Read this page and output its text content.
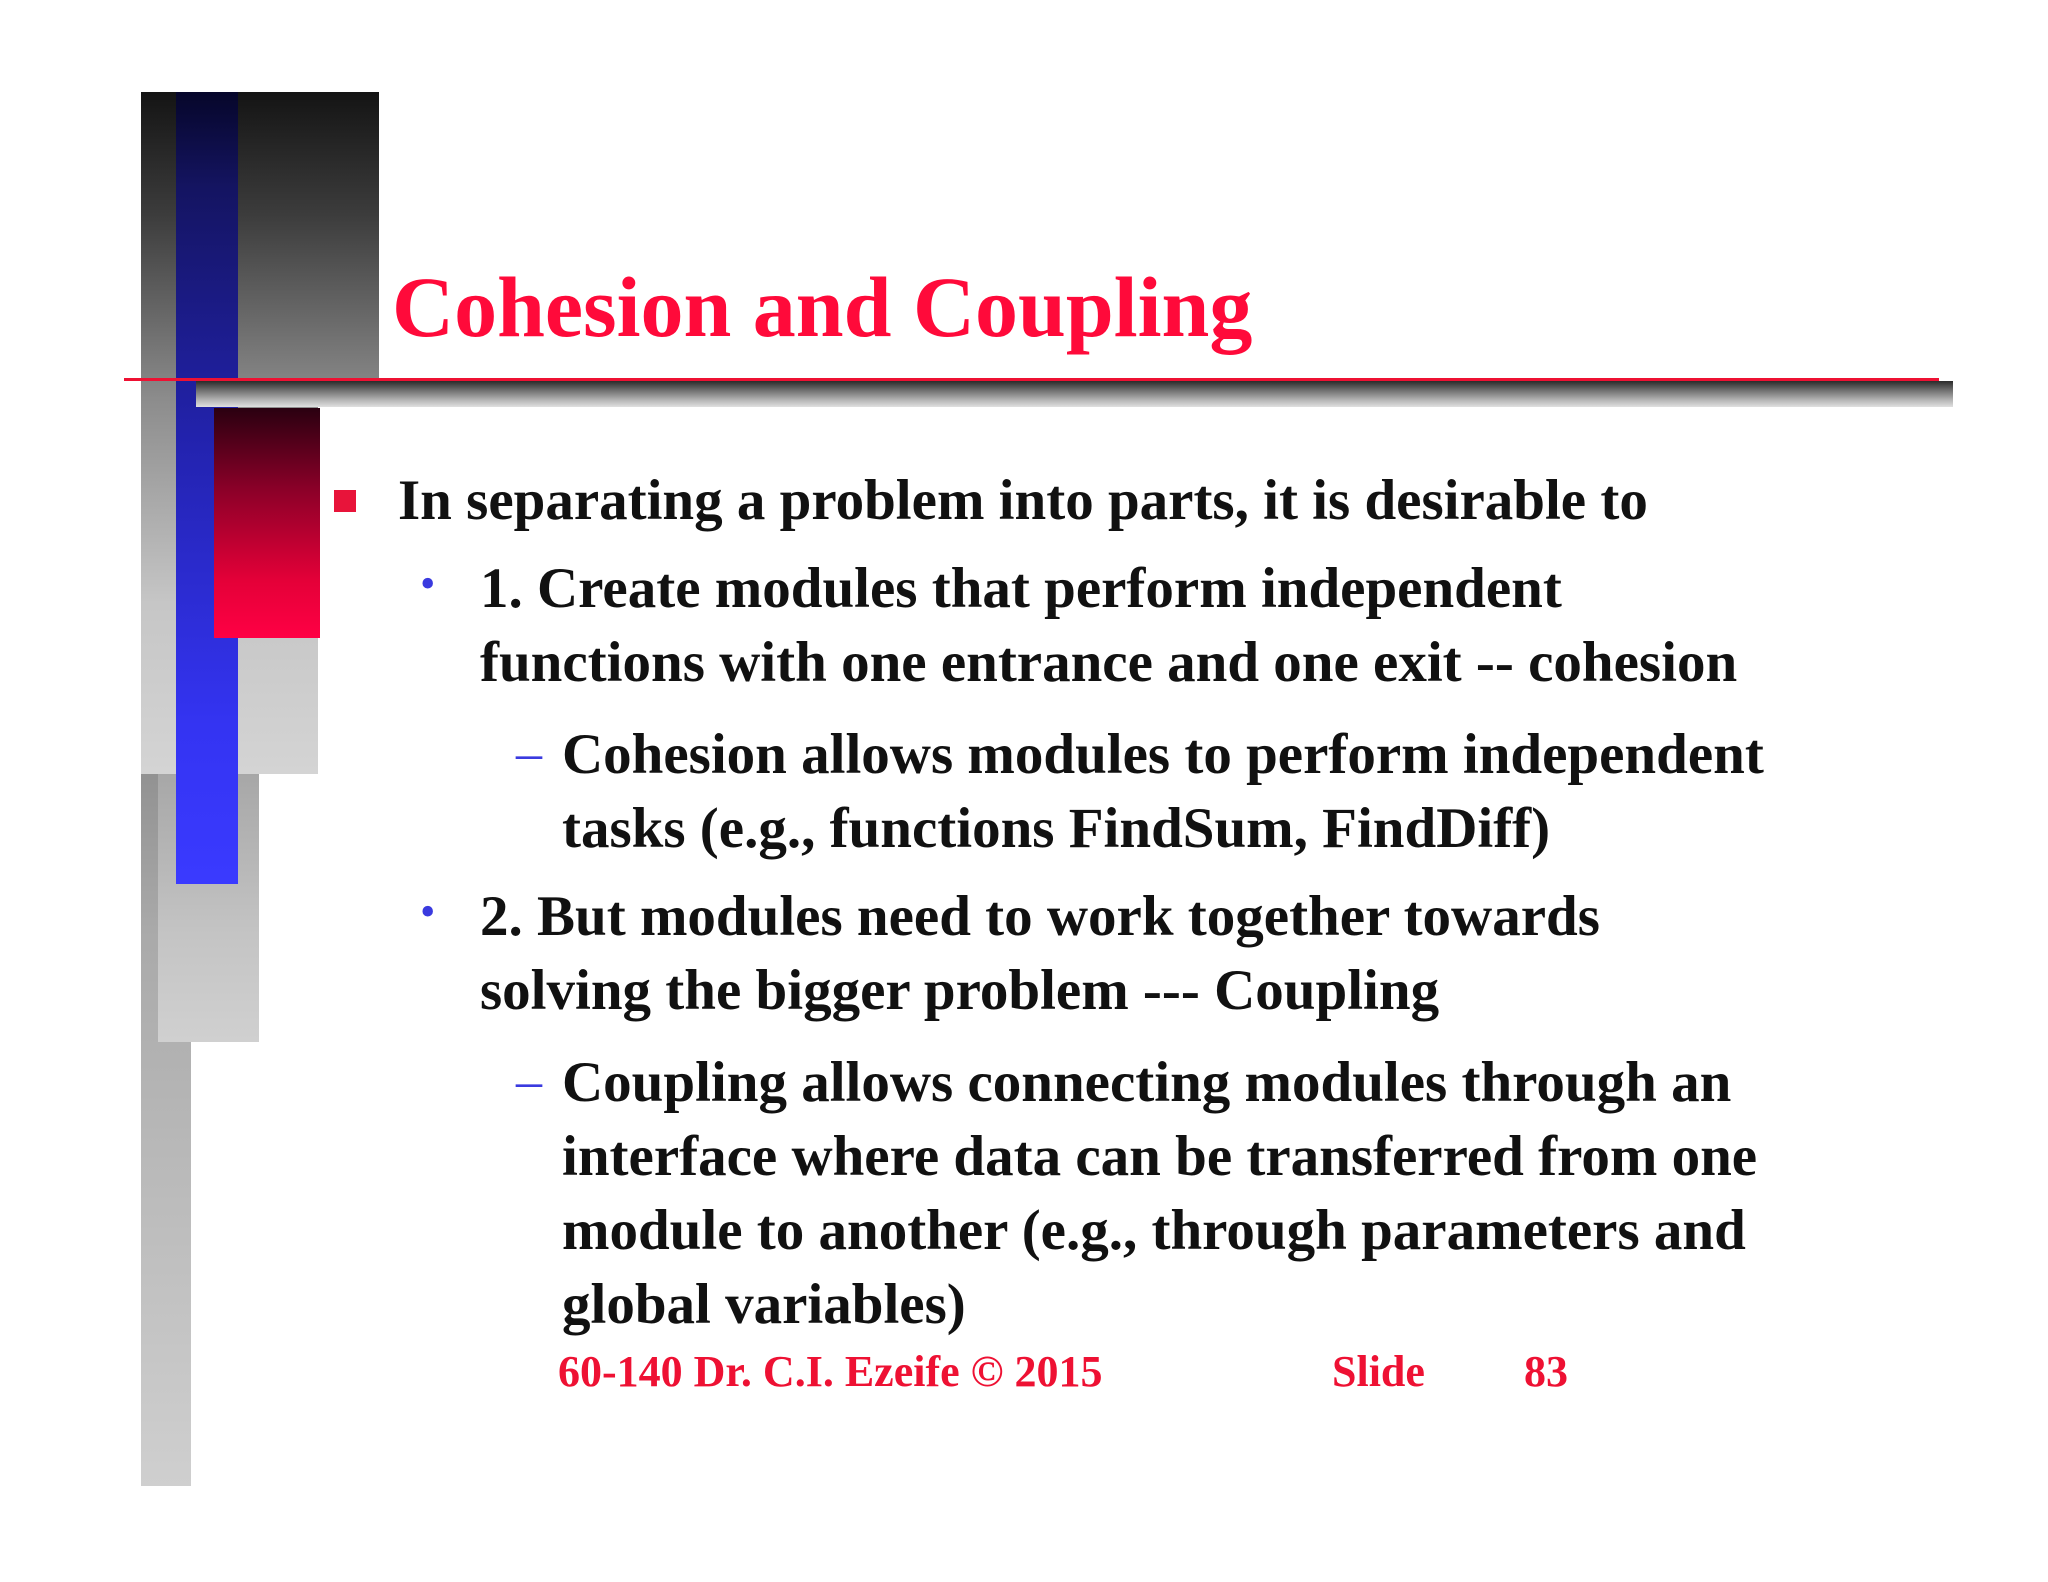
Cohesion and Coupling
In separating a problem into parts, it is desirable to
• 1. Create modules that perform independent
functions with one entrance and one exit -- cohesion
– Cohesion allows modules to perform independent
tasks (e.g., functions FindSum, FindDiff)
• 2. But modules need to work together towards
solving the bigger problem --- Coupling
– Coupling allows connecting modules through an
interface where data can be transferred from one
module to another (e.g., through parameters and
global variables)
60-140 Dr. C.I. Ezeife © 2015	Slide 83
